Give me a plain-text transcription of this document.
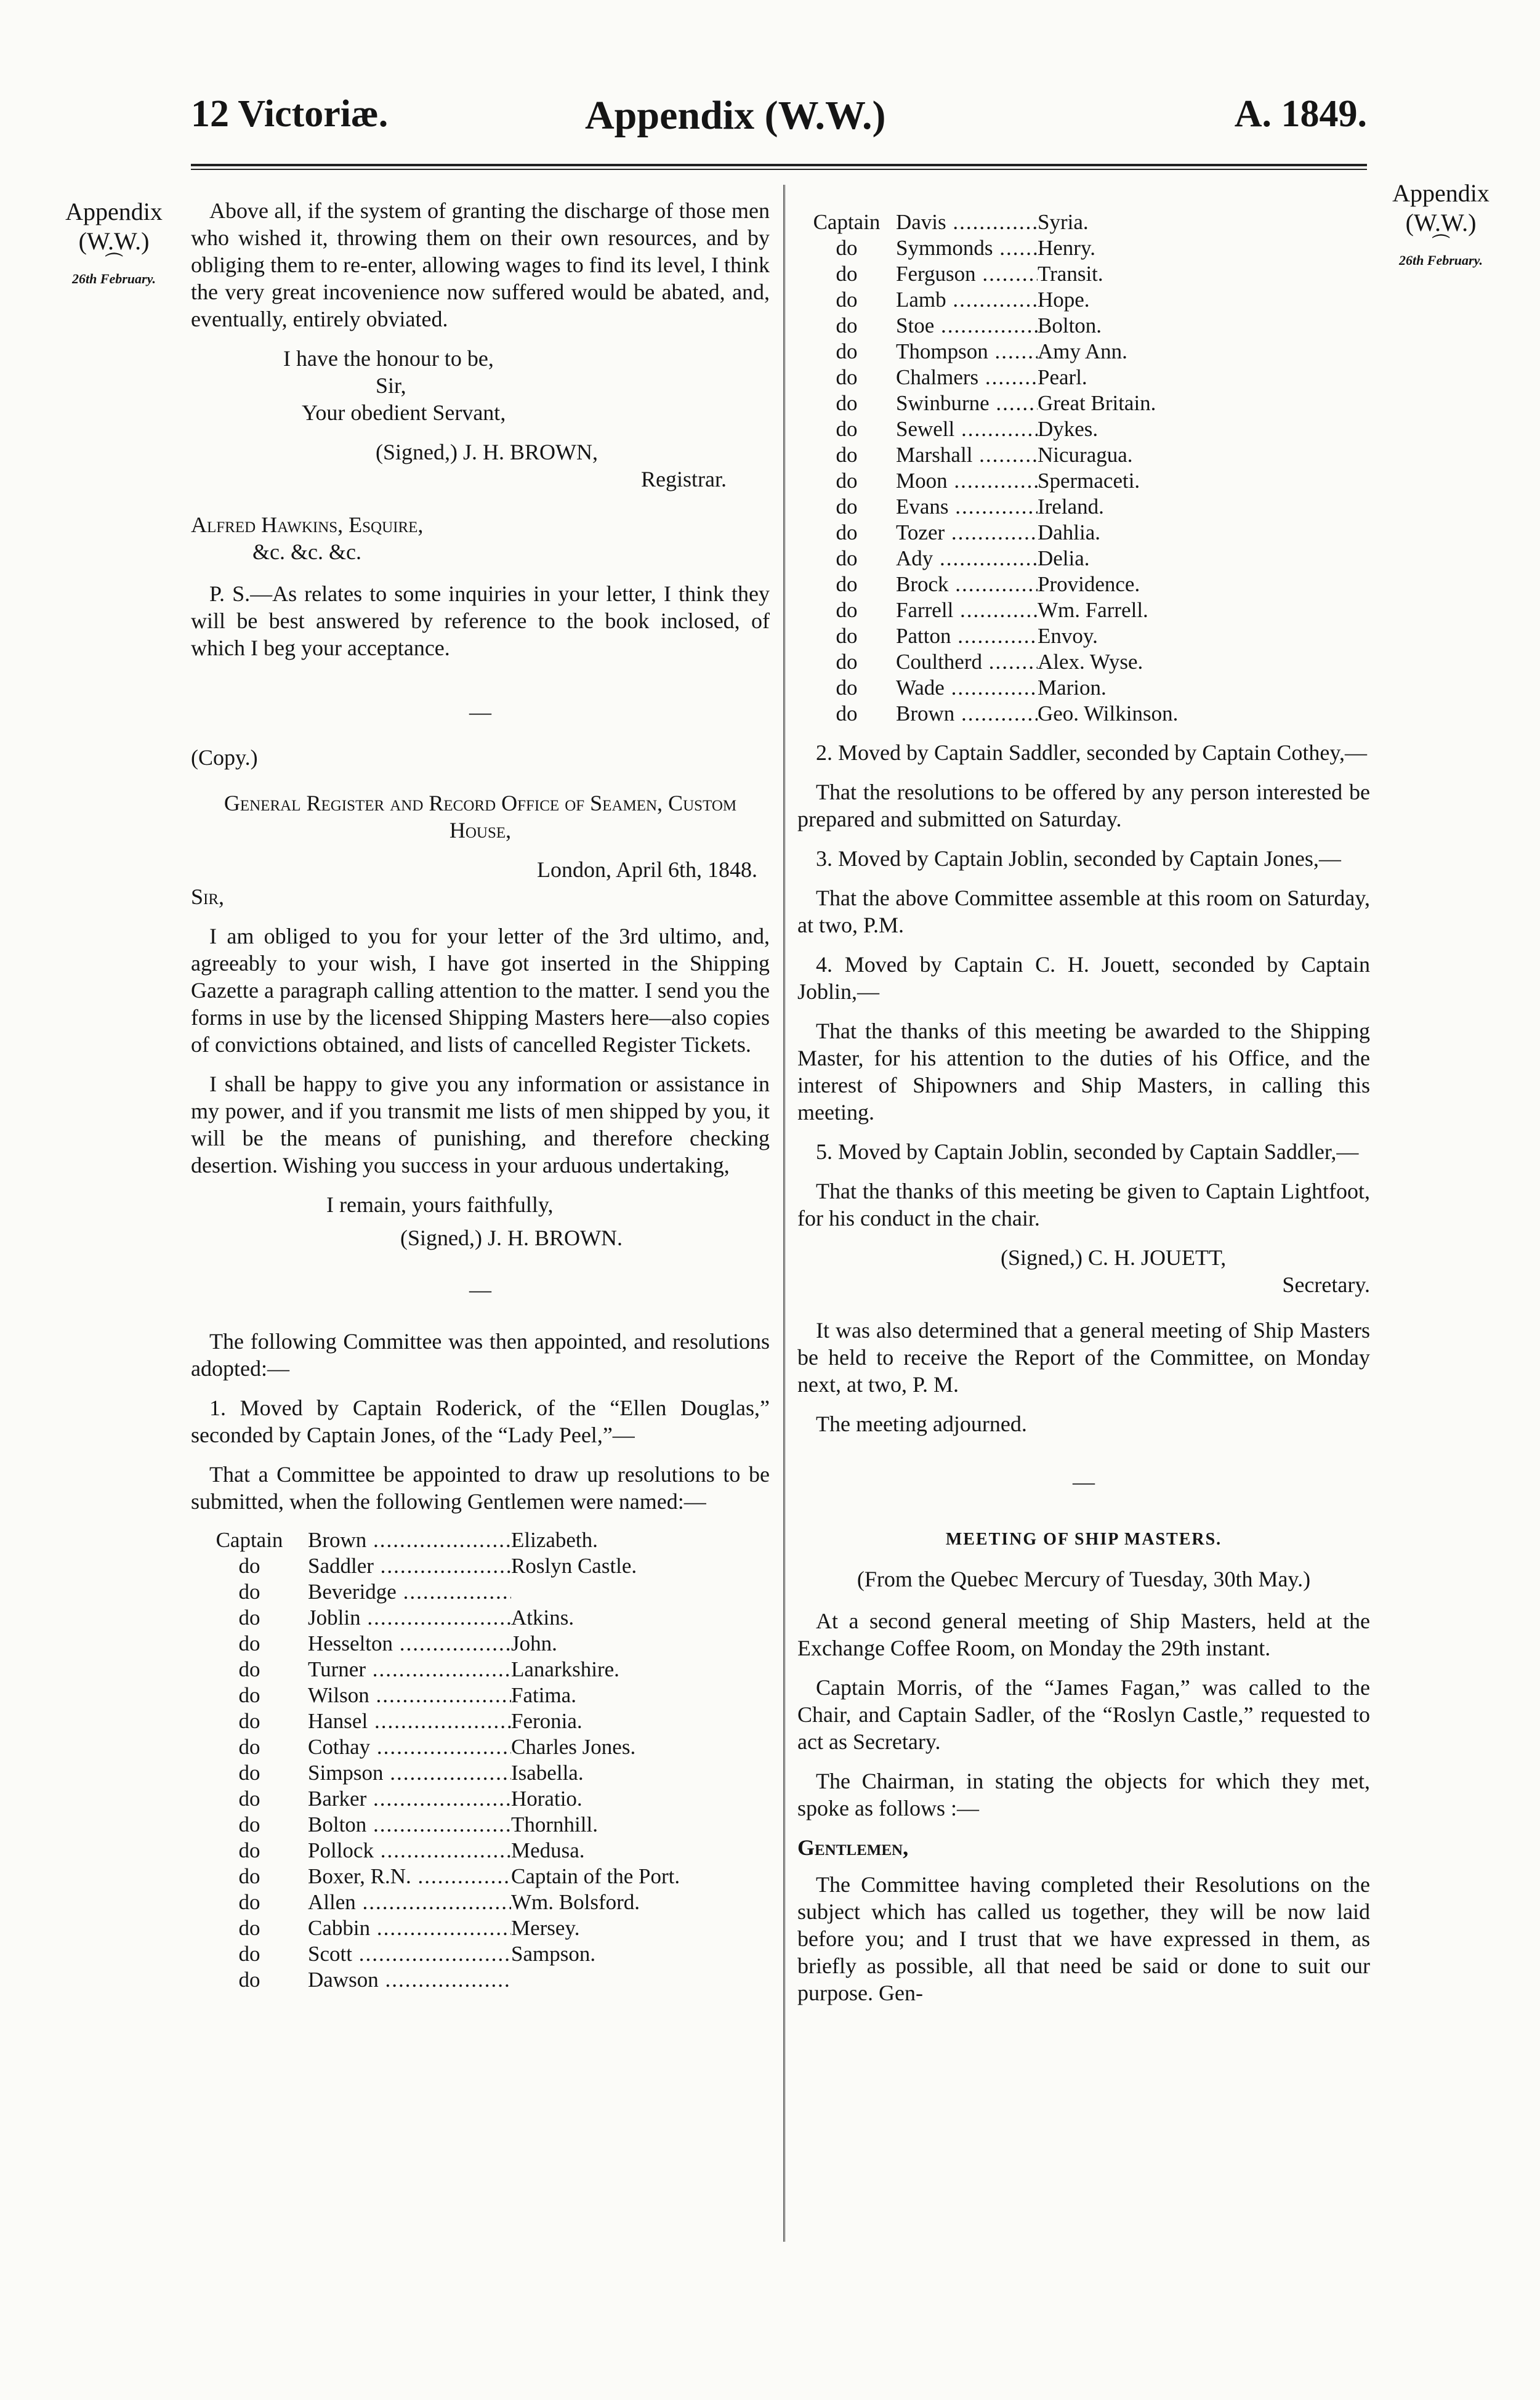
12 Victoriæ.	Appendix (W.W.)	A. 1849.
Appendix
(W.W.)
⏜
26th February.
Appendix
(W.W.)
⏜
26th February.

Above all, if the system of granting the discharge of those men who wished it, throwing them on their own resources, and by obliging them to re-enter, allowing wages to find its level, I think the very great incovenience now suffered would be abated, and, eventually, entirely obviated.

I have the honour to be,
Sir,
Your obedient Servant,
(Signed,) J. H. BROWN,
Registrar.
Alfred Hawkins, Esquire,
&c. &c. &c.

P. S.—As relates to some inquiries in your letter, I think they will be best answered by reference to the book inclosed, of which I beg your acceptance.

—
(Copy.)
General Register and Record Office of Seamen, Custom House,
London, April 6th, 1848.
Sir,

I am obliged to you for your letter of the 3rd ultimo, and, agreeably to your wish, I have got inserted in the Shipping Gazette a paragraph calling attention to the matter. I send you the forms in use by the licensed Shipping Masters here—also copies of convictions obtained, and lists of cancelled Register Tickets.

I shall be happy to give you any information or assistance in my power, and if you transmit me lists of men shipped by you, it will be the means of punishing, and therefore checking desertion. Wishing you success in your arduous undertaking,

I remain, yours faithfully,
(Signed,) J. H. BROWN.
—

The following Committee was then appointed, and resolutions adopted:—

1. Moved by Captain Roderick, of the “Ellen Douglas,” seconded by Captain Jones, of the “Lady Peel,”—

That a Committee be appointed to draw up resolutions to be submitted, when the following Gentlemen were named:—

Captain	Brown .....	Elizabeth.
do	Saddler .....	Roslyn Castle.
do	Beveridge .....
do	Joblin .....	Atkins.
do	Hesselton .....	John.
do	Turner .....	Lanarkshire.
do	Wilson .....	Fatima.
do	Hansel .....	Feronia.
do	Cothay .....	Charles Jones.
do	Simpson .....	Isabella.
do	Barker .....	Horatio.
do	Bolton .....	Thornhill.
do	Pollock .....	Medusa.
do	Boxer, R.N. .....	Captain of the Port.
do	Allen .....	Wm. Bolsford.
do	Cabbin .....	Mersey.
do	Scott .....	Sampson.
do	Dawson .....
Captain Davis .....	Syria.
do	Symmonds .....	Henry.
do	Ferguson .....	Transit.
do	Lamb .....	Hope.
do	Stoe .....	Bolton.
do	Thompson .....	Amy Ann.
do	Chalmers .....	Pearl.
do	Swinburne .....	Great Britain.
do	Sewell .....	Dykes.
do	Marshall .....	Nicuragua.
do	Moon .....	Spermaceti.
do	Evans .....	Ireland.
do	Tozer .....	Dahlia.
do	Ady .....	Delia.
do	Brock .....	Providence.
do	Farrell .....	Wm. Farrell.
do	Patton .....	Envoy.
do	Coultherd .....	Alex. Wyse.
do	Wade .....	Marion.
do	Brown .....	Geo. Wilkinson.

2. Moved by Captain Saddler, seconded by Captain Cothey,—

That the resolutions to be offered by any person interested be prepared and submitted on Saturday.

3. Moved by Captain Joblin, seconded by Captain Jones,—

That the above Committee assemble at this room on Saturday, at two, P.M.

4. Moved by Captain C. H. Jouett, seconded by Captain Joblin,—

That the thanks of this meeting be awarded to the Shipping Master, for his attention to the duties of his Office, and the interest of Shipowners and Ship Masters, in calling this meeting.

5. Moved by Captain Joblin, seconded by Captain Saddler,—

That the thanks of this meeting be given to Captain Lightfoot, for his conduct in the chair.

(Signed,) C. H. JOUETT,
Secretary.

It was also determined that a general meeting of Ship Masters be held to receive the Report of the Committee, on Monday next, at two, P. M.

The meeting adjourned.

—
MEETING OF SHIP MASTERS.
(From the Quebec Mercury of Tuesday, 30th May.)

At a second general meeting of Ship Masters, held at the Exchange Coffee Room, on Monday the 29th instant.

Captain Morris, of the “James Fagan,” was called to the Chair, and Captain Sadler, of the “Roslyn Castle,” requested to act as Secretary.

The Chairman, in stating the objects for which they met, spoke as follows :—

Gentlemen,

The Committee having completed their Resolutions on the subject which has called us together, they will be now laid before you; and I trust that we have expressed in them, as briefly as possible, all that need be said or done to suit our purpose. Gen-
